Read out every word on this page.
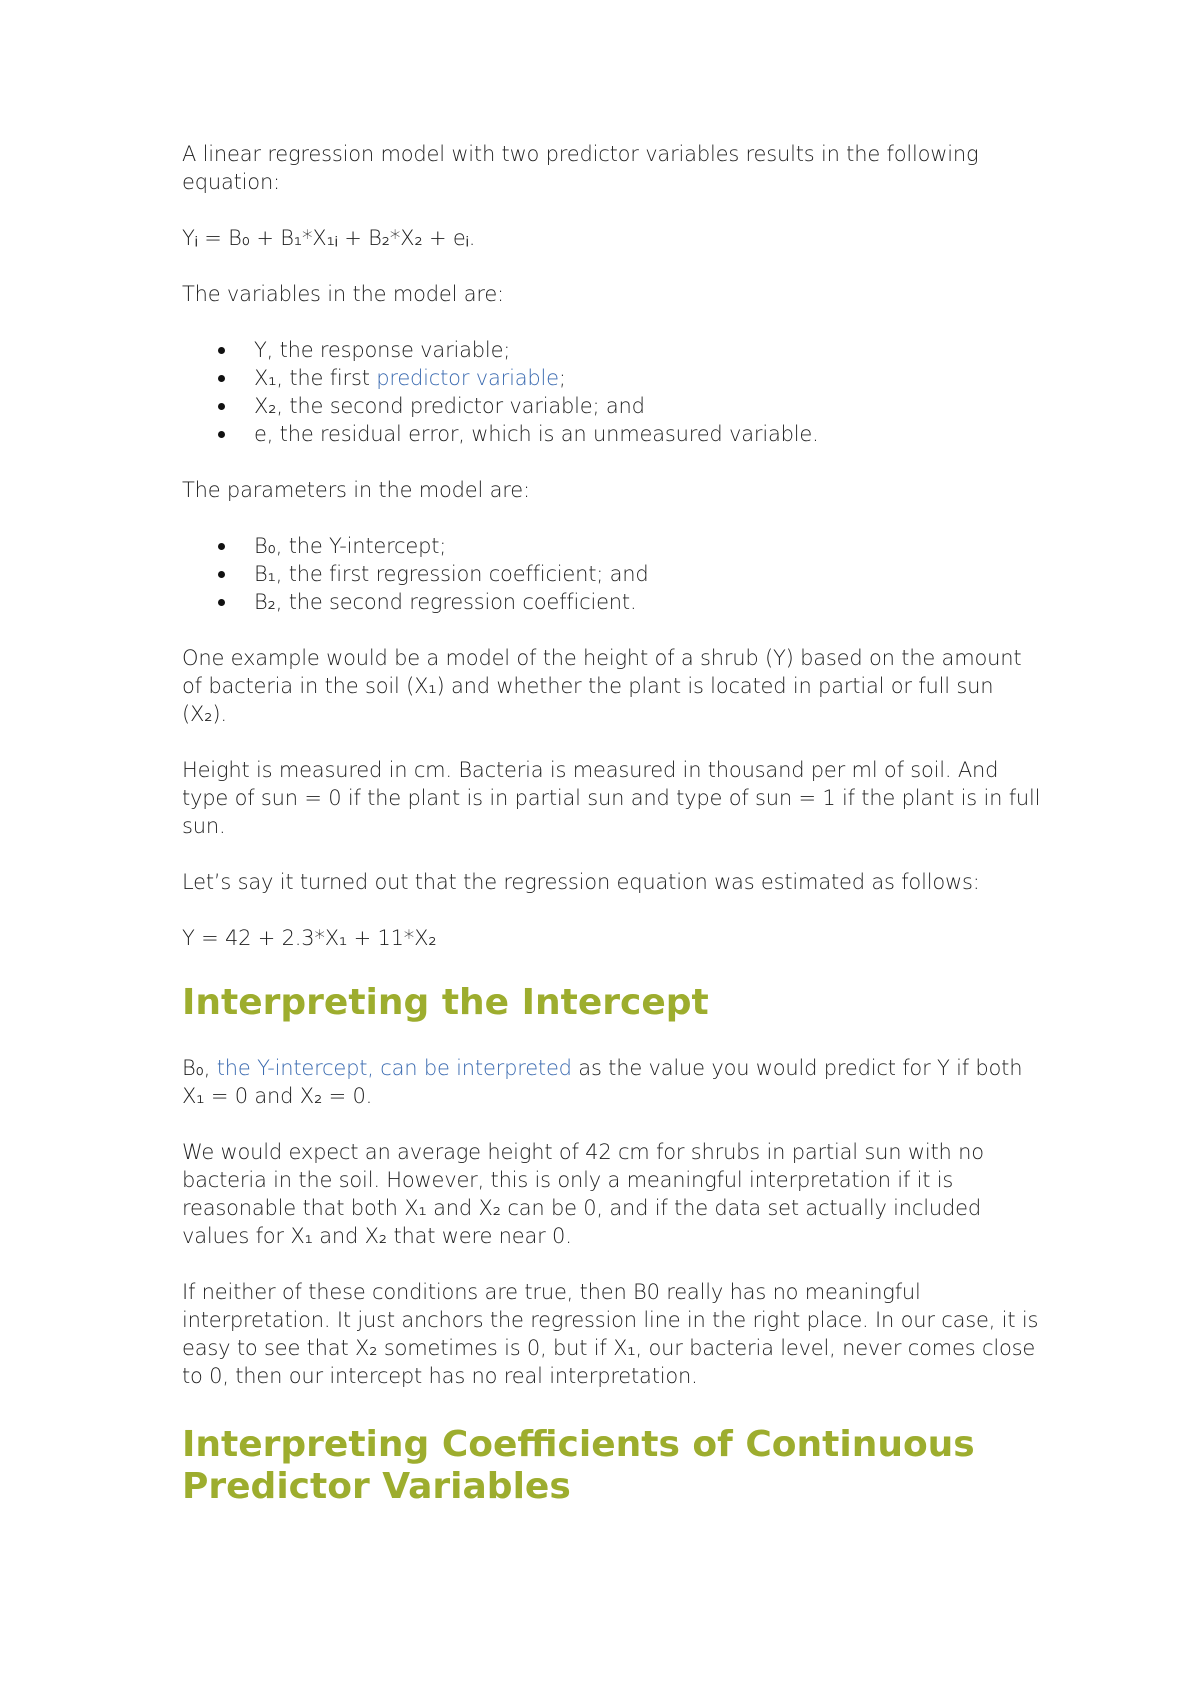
A linear regression model with two predictor variables results in the following equation:

Yᵢ = B₀ + B₁*X₁ᵢ + B₂*X₂ + eᵢ.

The variables in the model are:

Y, the response variable;
X₁, the first predictor variable;
X₂, the second predictor variable; and
e, the residual error, which is an unmeasured variable.

The parameters in the model are:

B₀, the Y-intercept;
B₁, the first regression coefficient; and
B₂, the second regression coefficient.

One example would be a model of the height of a shrub (Y) based on the amount of bacteria in the soil (X₁) and whether the plant is located in partial or full sun (X₂).

Height is measured in cm. Bacteria is measured in thousand per ml of soil. And type of sun = 0 if the plant is in partial sun and type of sun = 1 if the plant is in full sun.

Let’s say it turned out that the regression equation was estimated as follows:

Y = 42 + 2.3*X₁ + 11*X₂

Interpreting the Intercept

B₀, the Y-intercept, can be interpreted as the value you would predict for Y if both X₁ = 0 and X₂ = 0.

We would expect an average height of 42 cm for shrubs in partial sun with no bacteria in the soil. However, this is only a meaningful interpretation if it is reasonable that both X₁ and X₂ can be 0, and if the data set actually included values for X₁ and X₂ that were near 0.

If neither of these conditions are true, then B0 really has no meaningful interpretation. It just anchors the regression line in the right place. In our case, it is easy to see that X₂ sometimes is 0, but if X₁, our bacteria level, never comes close to 0, then our intercept has no real interpretation.

Interpreting Coefficients of Continuous Predictor Variables
